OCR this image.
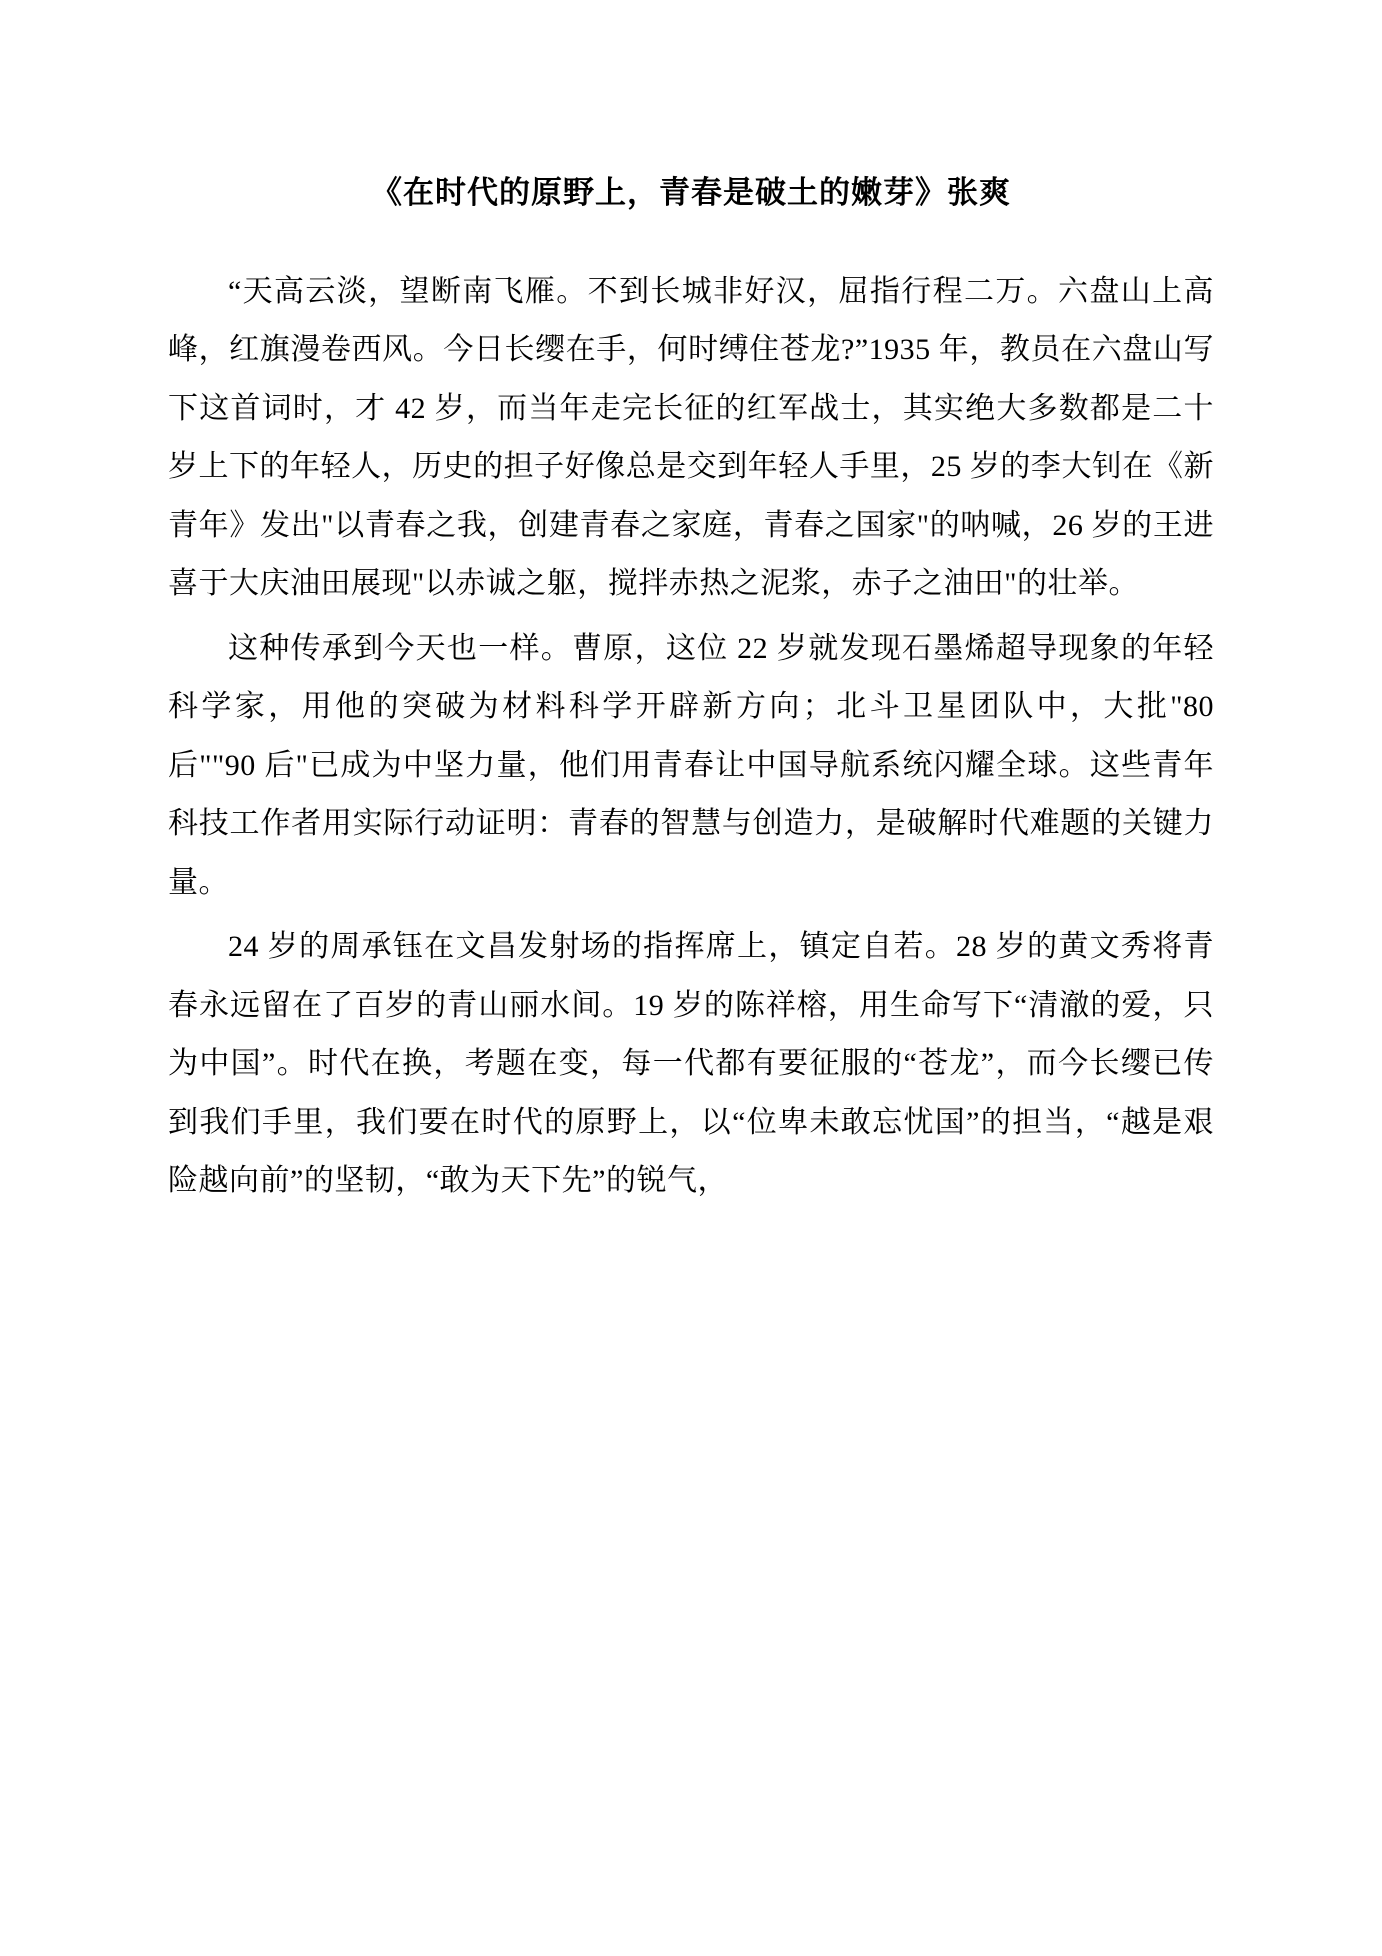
《在时代的原野上，青春是破土的嫩芽》张爽

“天高云淡，望断南飞雁。不到长城非好汉，屈指行程二万。六盘山上高峰，红旗漫卷西风。今日长缨在手，何时缚住苍龙?”1935 年，教员在六盘山写下这首词时，才 42 岁，而当年走完长征的红军战士，其实绝大多数都是二十岁上下的年轻人，历史的担子好像总是交到年轻人手里，25 岁的李大钊在《新青年》发出"以青春之我，创建青春之家庭，青春之国家"的呐喊，26 岁的王进喜于大庆油田展现"以赤诚之躯，搅拌赤热之泥浆，赤子之油田"的壮举。

这种传承到今天也一样。曹原，这位 22 岁就发现石墨烯超导现象的年轻科学家，用他的突破为材料科学开辟新方向；北斗卫星团队中，大批"80 后""90 后"已成为中坚力量，他们用青春让中国导航系统闪耀全球。这些青年科技工作者用实际行动证明：青春的智慧与创造力，是破解时代难题的关键力量。

24 岁的周承钰在文昌发射场的指挥席上，镇定自若。28 岁的黄文秀将青春永远留在了百岁的青山丽水间。19 岁的陈祥榕，用生命写下“清澈的爱，只为中国”。时代在换，考题在变，每一代都有要征服的“苍龙”，而今长缨已传到我们手里，我们要在时代的原野上，以“位卑未敢忘忧国”的担当，“越是艰险越向前”的坚韧，“敢为天下先”的锐气，
